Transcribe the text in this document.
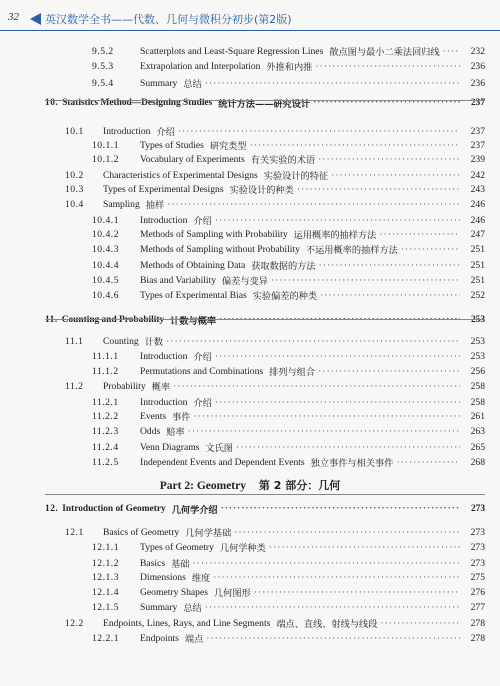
32 英汉数学全书——代数、几何与微积分初步(第2版)
9.5.2	Scatterplots and Least-Square Regression Lines 散点图与最小二乘法回归线 ·····	232
9.5.3	Extrapolation and Interpolation 外推和内推 ·····	236
9.5.4	Summary 总结 ·····	236
10. Statistics Method—Designing Studies 统计方法——研究设计 ·····	237
10.1	Introduction 介绍 ·····	237
10.1.1	Types of Studies 研究类型 ·····	237
10.1.2	Vocabulary of Experiments 有关实验的术语 ·····	239
10.2	Characteristics of Experimental Designs 实验设计的特征 ·····	242
10.3	Types of Experimental Designs 实验设计的种类 ·····	243
10.4	Sampling 抽样 ·····	246
10.4.1	Introduction 介绍 ·····	246
10.4.2	Methods of Sampling with Probability 运用概率的抽样方法 ·····	247
10.4.3	Methods of Sampling without Probability 不运用概率的抽样方法 ·····	251
10.4.4	Methods of Obtaining Data 获取数据的方法 ·····	251
10.4.5	Bias and Variability 偏差与变异 ·····	251
10.4.6	Types of Experimental Bias 实验偏差的种类 ·····	252
11. Counting and Probability 计数与概率 ·····	253
11.1	Counting 计数 ·····	253
11.1.1	Introduction 介绍 ·····	253
11.1.2	Permutations and Combinations 排列与组合 ·····	256
11.2	Probability 概率 ·····	258
11.2.1	Introduction 介绍 ·····	258
11.2.2	Events 事件 ·····	261
11.2.3	Odds 赔率 ·····	263
11.2.4	Venn Diagrams 文氏图 ·····	265
11.2.5	Independent Events and Dependent Events 独立事件与相关事件 ·····	268
12. Introduction of Geometry 几何学介绍 ·····	273
12.1	Basics of Geometry 几何学基础 ·····	273
12.1.1	Types of Geometry 几何学种类 ·····	273
12.1.2	Basics 基础 ·····	273
12.1.3	Dimensions 维度 ·····	275
12.1.4	Geometry Shapes 几何图形 ·····	276
12.1.5	Summary 总结 ·····	277
12.2	Endpoints, Lines, Rays, and Line Segments 端点、直线、射线与线段 ·····	278
12.2.1	Endpoints 端点 ·····	278
Part 2: Geometry 第 2 部分：几何
